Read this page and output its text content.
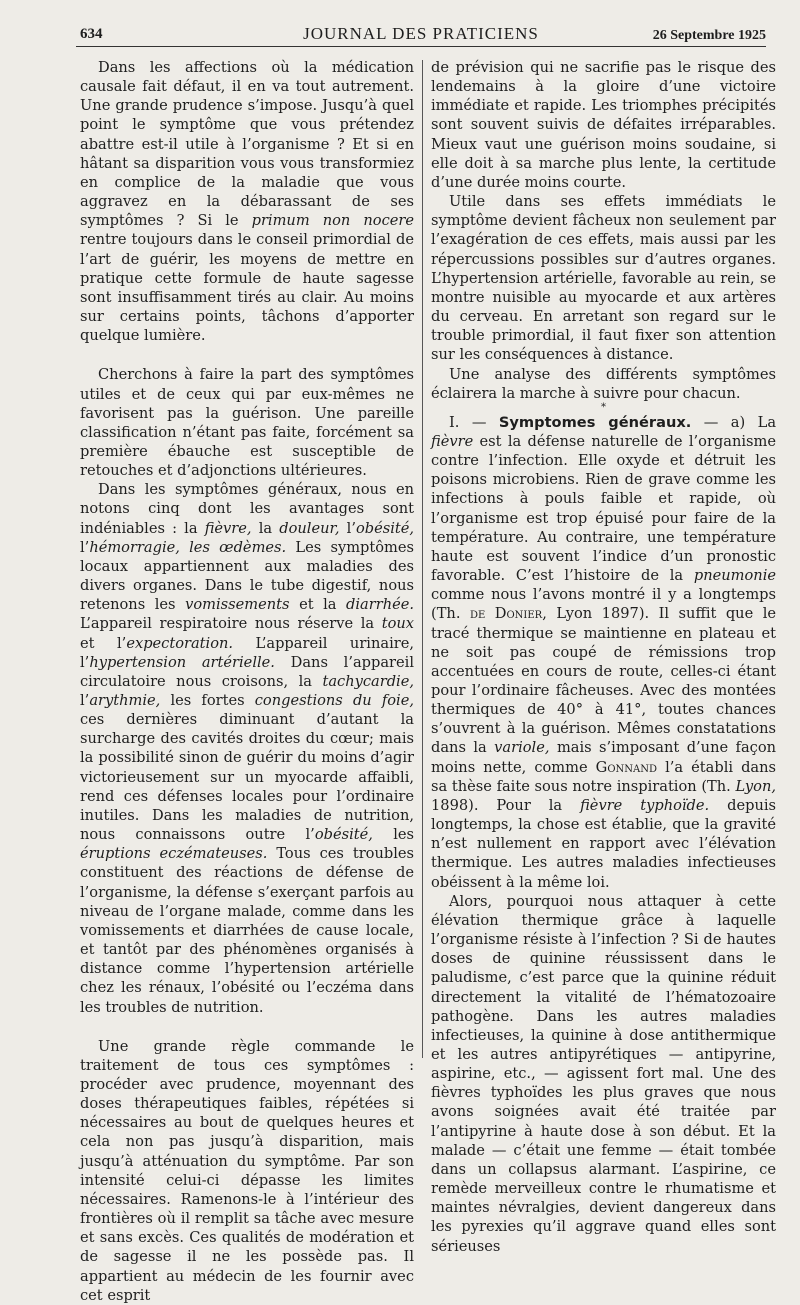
634	JOURNAL DES PRATICIENS	26 Septembre 1925

Dans les affections où la médication causale fait défaut, il en va tout autrement. Une grande prudence s’impose. Jusqu’à quel point le symptôme que vous prétendez abattre est-il utile à l’organisme ? Et si en hâtant sa disparition vous vous transformiez en complice de la maladie que vous aggravez en la débarassant de ses symptômes ? Si le primum non nocere rentre toujours dans le conseil primordial de l’art de guérir, les moyens de mettre en pratique cette formule de haute sagesse sont insuffisamment tirés au clair. Au moins sur certains points, tâchons d’apporter quelque lumière.

Cherchons à faire la part des symptômes utiles et de ceux qui par eux-mêmes ne favorisent pas la guérison. Une pareille classification n’étant pas faite, forcément sa première ébauche est susceptible de retouches et d’adjonctions ultérieures.

Dans les symptômes généraux, nous en notons cinq dont les avantages sont indéniables : la fièvre, la douleur, l’obésité, l’hémorragie, les œdèmes. Les symptômes locaux appartiennent aux maladies des divers organes. Dans le tube digestif, nous retenons les vomissements et la diarrhée. L’appareil respiratoire nous réserve la toux et l’expectoration. L’appareil urinaire, l’hypertension artérielle. Dans l’appareil circulatoire nous croisons, la tachycardie, l’arythmie, les fortes congestions du foie, ces dernières diminuant d’autant la surcharge des cavités droites du cœur; mais la possibilité sinon de guérir du moins d’agir victorieusement sur un myocarde affaibli, rend ces défenses locales pour l’ordinaire inutiles. Dans les maladies de nutrition, nous connaissons outre l’obésité, les éruptions eczémateuses. Tous ces troubles constituent des réactions de défense de l’organisme, la défense s’exerçant parfois au niveau de l’organe malade, comme dans les vomissements et diarrhées de cause locale, et tantôt par des phénomènes organisés à distance comme l’hypertension artérielle chez les rénaux, l’obésité ou l’eczéma dans les troubles de nutrition.

Une grande règle commande le traitement de tous ces symptômes : procéder avec prudence, moyennant des doses thérapeutiques faibles, répétées si nécessaires au bout de quelques heures et cela non pas jusqu’à disparition, mais jusqu’à atténuation du symptôme. Par son intensité celui-ci dépasse les limites nécessaires. Ramenons-le à l’intérieur des frontières où il remplit sa tâche avec mesure et sans excès. Ces qualités de modération et de sagesse il ne les possède pas. Il appartient au médecin de les fournir avec cet esprit

de prévision qui ne sacrifie pas le risque des lendemains à la gloire d’une victoire immédiate et rapide. Les triomphes précipités sont souvent suivis de défaites irréparables. Mieux vaut une guérison moins soudaine, si elle doit à sa marche plus lente, la certitude d’une durée moins courte.

Utile dans ses effets immédiats le symptôme devient fâcheux non seulement par l’exagération de ces effets, mais aussi par les répercussions possibles sur d’autres organes. L’hypertension artérielle, favorable au rein, se montre nuisible au myocarde et aux artères du cerveau. En arretant son regard sur le trouble primordial, il faut fixer son attention sur les conséquences à distance.

Une analyse des différents symptômes éclairera la marche à suivre pour chacun.

*

I. — Symptomes généraux. — a) La fièvre est la défense naturelle de l’organisme contre l’infection. Elle oxyde et détruit les poisons microbiens. Rien de grave comme les infections à pouls faible et rapide, où l’organisme est trop épuisé pour faire de la température. Au contraire, une température haute est souvent l’indice d’un pronostic favorable. C’est l’histoire de la pneumonie comme nous l’avons montré il y a longtemps (Th. de Donier, Lyon 1897). Il suffit que le tracé thermique se maintienne en plateau et ne soit pas coupé de rémissions trop accentuées en cours de route, celles-ci étant pour l’ordinaire fâcheuses. Avec des montées thermiques de 40° à 41°, toutes chances s’ouvrent à la guérison. Mêmes constatations dans la variole, mais s’imposant d’une façon moins nette, comme Gonnand l’a établi dans sa thèse faite sous notre inspiration (Th. Lyon, 1898). Pour la fièvre typhoïde. depuis longtemps, la chose est établie, que la gravité n’est nullement en rapport avec l’élévation thermique. Les autres maladies infectieuses obéissent à la même loi.

Alors, pourquoi nous attaquer à cette élévation thermique grâce à laquelle l’organisme résiste à l’infection ? Si de hautes doses de quinine réussissent dans le paludisme, c’est parce que la quinine réduit directement la vitalité de l’hématozoaire pathogène. Dans les autres maladies infectieuses, la quinine à dose antithermique et les autres antipyrétiques — antipyrine, aspirine, etc., — agissent fort mal. Une des fièvres typhoïdes les plus graves que nous avons soignées avait été traitée par l’antipyrine à haute dose à son début. Et la malade — c’était une femme — était tombée dans un collapsus alarmant. L’aspirine, ce remède merveilleux contre le rhumatisme et maintes névralgies, devient dangereux dans les pyrexies qu’il aggrave quand elles sont sérieuses
